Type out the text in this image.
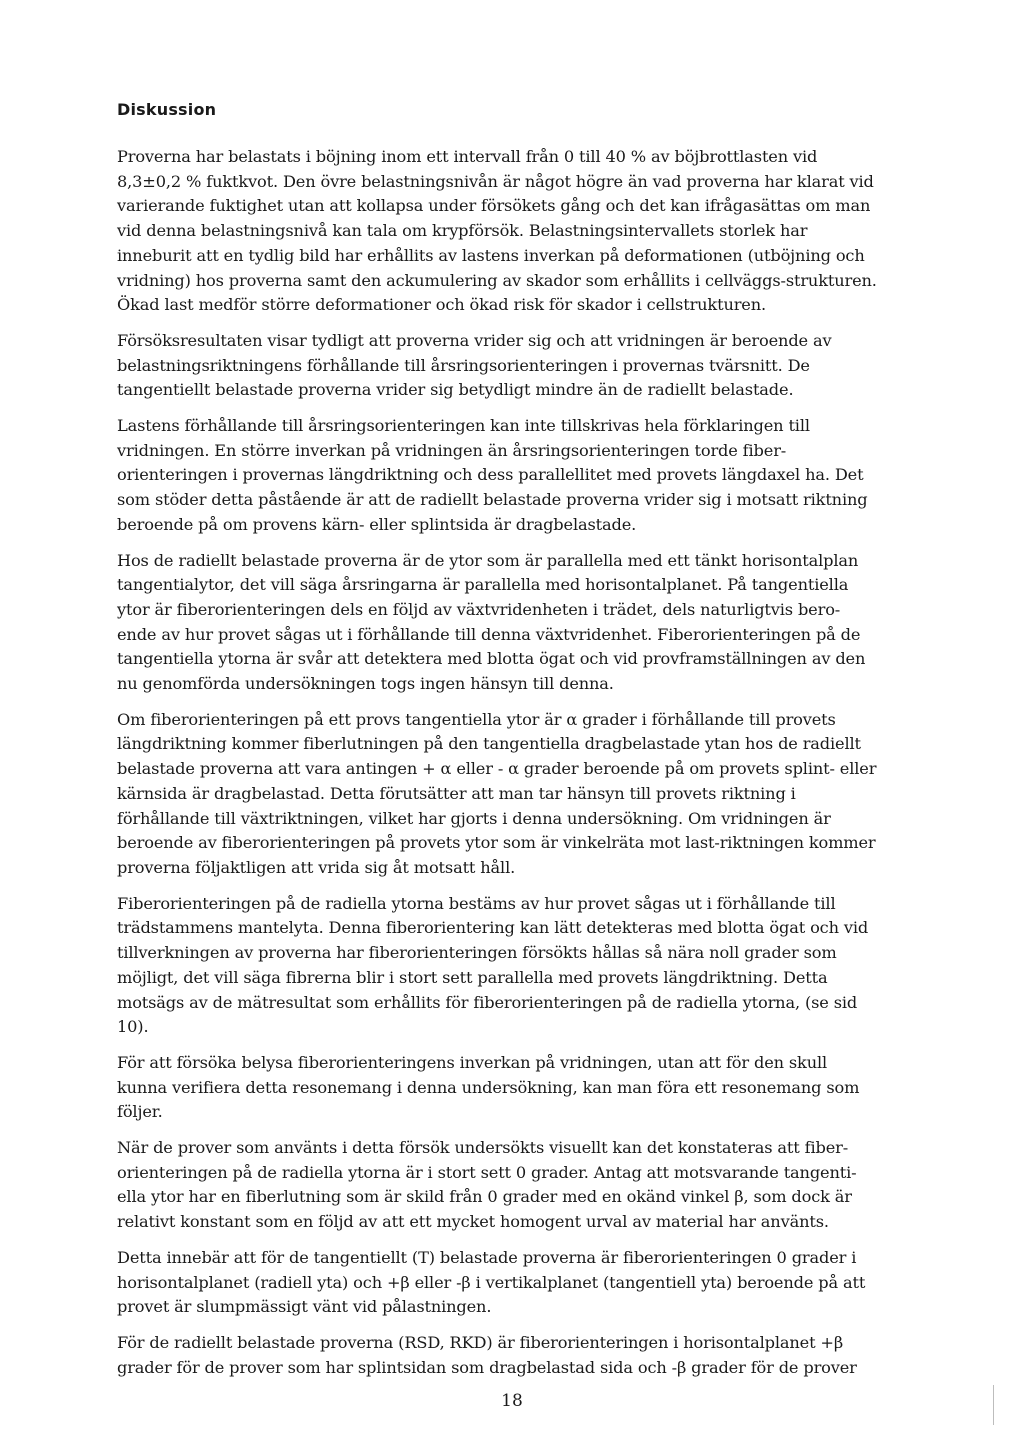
Diskussion

Proverna har belastats i böjning inom ett intervall från 0 till 40 % av böjbrottlasten vid 8,3±0,2 % fuktkvot. Den övre belastningsnivån är något högre än vad proverna har klarat vid varierande fuktighet utan att kollapsa under försökets gång och det kan ifrågasättas om man vid denna belastningsnivå kan tala om krypförsök. Belastningsintervallets storlek har inneburit att en tydlig bild har erhållits av lastens inverkan på deformationen (utböjning och vridning) hos proverna samt den ackumulering av skador som erhållits i cellväggs-strukturen. Ökad last medför större deformationer och ökad risk för skador i cellstrukturen.

Försöksresultaten visar tydligt att proverna vrider sig och att vridningen är beroende av belastningsriktningens förhållande till årsringsorienteringen i provernas tvärsnitt. De tangentiellt belastade proverna vrider sig betydligt mindre än de radiellt belastade.

Lastens förhållande till årsringsorienteringen kan inte tillskrivas hela förklaringen till vridningen. En större inverkan på vridningen än årsringsorienteringen torde fiber-orienteringen i provernas längdriktning och dess parallellitet med provets längdaxel ha. Det som stöder detta påstående är att de radiellt belastade proverna vrider sig i motsatt riktning beroende på om provens kärn- eller splintsida är dragbelastade.

Hos de radiellt belastade proverna är de ytor som är parallella med ett tänkt horisontalplan tangentialytor, det vill säga årsringarna är parallella med horisontalplanet. På tangentiella ytor är fiberorienteringen dels en följd av växtvridenheten i trädet, dels naturligtvis bero-ende av hur provet sågas ut i förhållande till denna växtvridenhet. Fiberorienteringen på de tangentiella ytorna är svår att detektera med blotta ögat och vid provframställningen av den nu genomförda undersökningen togs ingen hänsyn till denna.

Om fiberorienteringen på ett provs tangentiella ytor är α grader i förhållande till provets längdriktning kommer fiberlutningen på den tangentiella dragbelastade ytan hos de radiellt belastade proverna att vara antingen + α eller - α grader beroende på om provets splint- eller kärnsida är dragbelastad. Detta förutsätter att man tar hänsyn till provets riktning i förhållande till växtriktningen, vilket har gjorts i denna undersökning. Om vridningen är beroende av fiberorienteringen på provets ytor som är vinkelräta mot last-riktningen kommer proverna följaktligen att vrida sig åt motsatt håll.

Fiberorienteringen på de radiella ytorna bestäms av hur provet sågas ut i förhållande till trädstammens mantelyta. Denna fiberorientering kan lätt detekteras med blotta ögat och vid tillverkningen av proverna har fiberorienteringen försökts hållas så nära noll grader som möjligt, det vill säga fibrerna blir i stort sett parallella med provets längdriktning. Detta motsägs av de mätresultat som erhållits för fiberorienteringen på de radiella ytorna, (se sid 10).

För att försöka belysa fiberorienteringens inverkan på vridningen, utan att för den skull kunna verifiera detta resonemang i denna undersökning, kan man föra ett resonemang som följer.

När de prover som använts i detta försök undersökts visuellt kan det konstateras att fiber-orienteringen på de radiella ytorna är i stort sett 0 grader. Antag att motsvarande tangenti-ella ytor har en fiberlutning som är skild från 0 grader med en okänd vinkel β, som dock är relativt konstant som en följd av att ett mycket homogent urval av material har använts.

Detta innebär att för de tangentiellt (T) belastade proverna är fiberorienteringen 0 grader i horisontalplanet (radiell yta) och +β eller -β i vertikalplanet (tangentiell yta) beroende på att provet är slumpmässigt vänt vid pålastningen.

För de radiellt belastade proverna (RSD, RKD) är fiberorienteringen i horisontalplanet +β grader för de prover som har splintsidan som dragbelastad sida och -β grader för de prover

18
